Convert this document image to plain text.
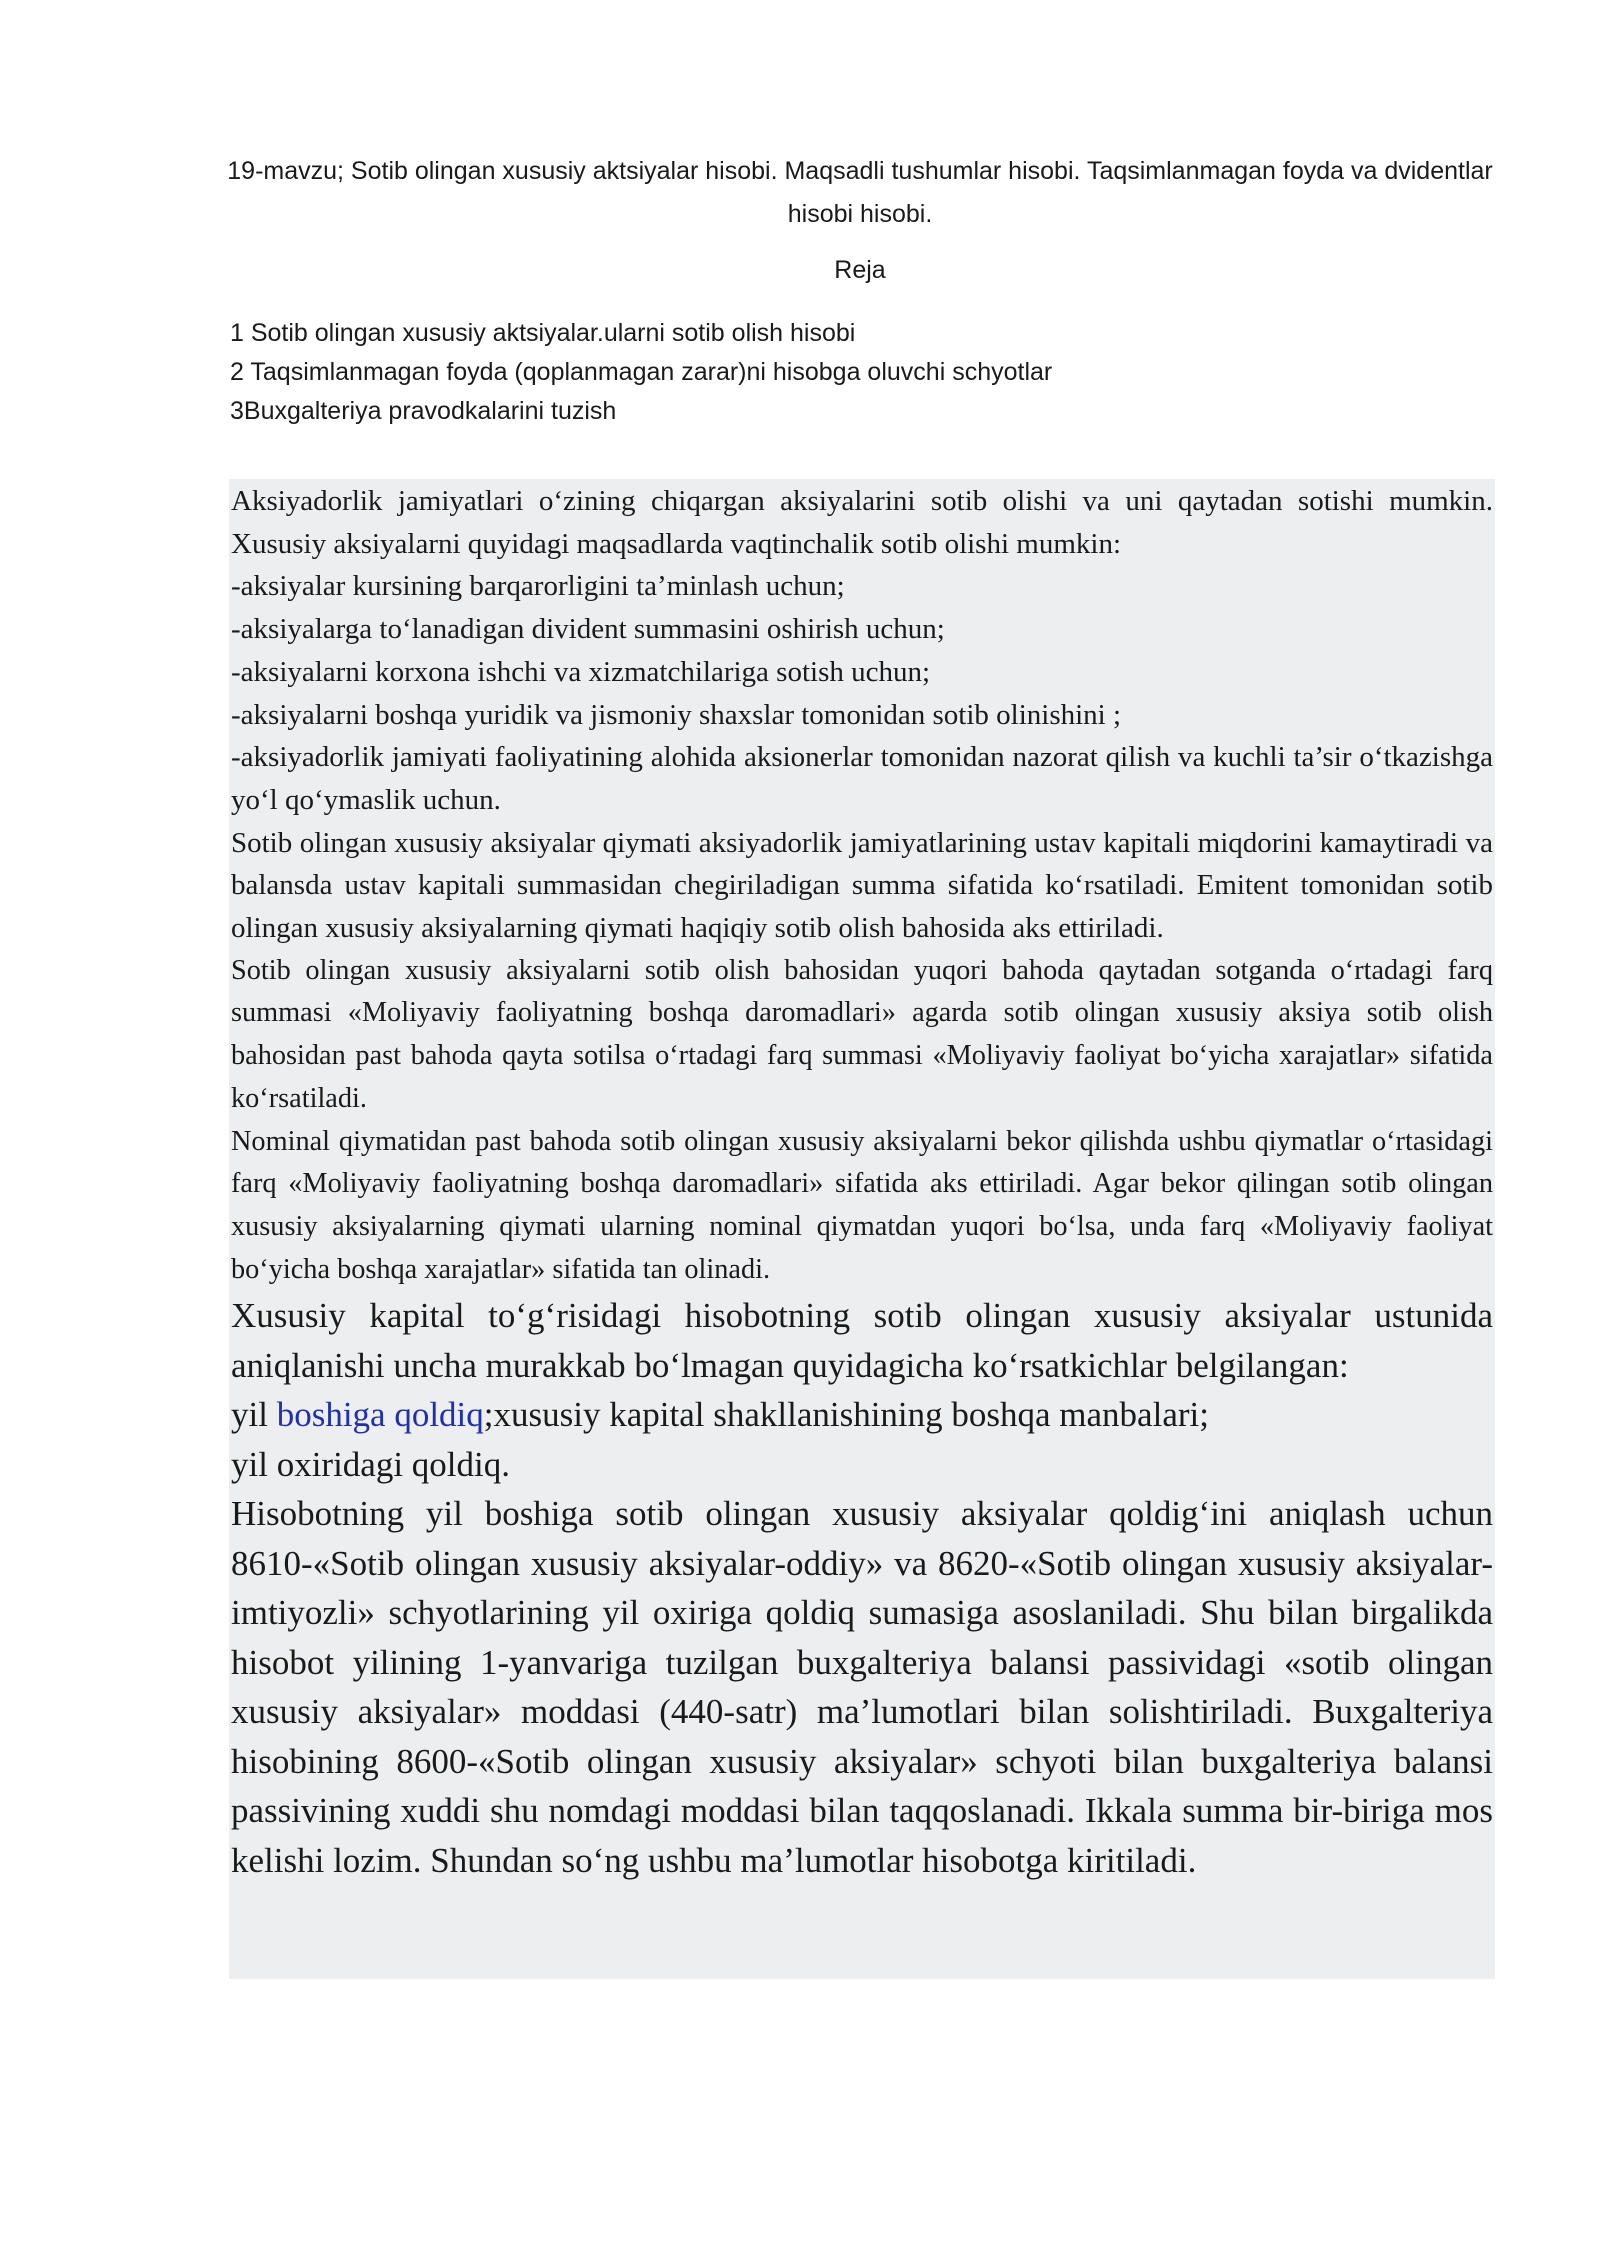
19-mavzu; Sotib olingan xususiy aktsiyalar hisobi. Maqsadli tushumlar hisobi. Taqsimlanmagan foyda va dvidentlar hisobi hisobi.
Reja
1 Sotib olingan xususiy aktsiyalar.ularni sotib olish hisobi
2 Taqsimlanmagan foyda (qoplanmagan zarar)ni hisobga oluvchi schyotlar
3Buxgalteriya pravodkalarini tuzish

Aksiyadorlik jamiyatlari o‘zining chiqargan aksiyalarini sotib olishi va uni qaytadan sotishi mumkin. Xususiy aksiyalarni quyidagi maqsadlarda vaqtinchalik sotib olishi mumkin:

-aksiyalar kursining barqarorligini ta’minlash uchun;

-aksiyalarga to‘lanadigan divident summasini oshirish uchun;

-aksiyalarni korxona ishchi va xizmatchilariga sotish uchun;

-aksiyalarni boshqa yuridik va jismoniy shaxslar tomonidan sotib olinishini ;

-aksiyadorlik jamiyati faoliyatining alohida aksionerlar tomonidan nazorat qilish va kuchli ta’sir o‘tkazishga yo‘l qo‘ymaslik uchun.

Sotib olingan xususiy aksiyalar qiymati aksiyadorlik jamiyatlarining ustav kapitali miqdorini kamaytiradi va balansda ustav kapitali summasidan chegiriladigan summa sifatida ko‘rsatiladi. Emitent tomonidan sotib olingan xususiy aksiyalarning qiymati haqiqiy sotib olish bahosida aks ettiriladi.

Sotib olingan xususiy aksiyalarni sotib olish bahosidan yuqori bahoda qaytadan sotganda o‘rtadagi farq summasi «Moliyaviy faoliyatning boshqa daromadlari» agarda sotib olingan xususiy aksiya sotib olish bahosidan past bahoda qayta sotilsa o‘rtadagi farq summasi «Moliyaviy faoliyat bo‘yicha xarajatlar» sifatida ko‘rsatiladi.

Nominal qiymatidan past bahoda sotib olingan xususiy aksiyalarni bekor qilishda ushbu qiymatlar o‘rtasidagi farq «Moliyaviy faoliyatning boshqa daromadlari» sifatida aks ettiriladi. Agar bekor qilingan sotib olingan xususiy aksiyalarning qiymati ularning nominal qiymatdan yuqori bo‘lsa, unda farq «Moliyaviy faoliyat bo‘yicha boshqa xarajatlar» sifatida tan olinadi.

Xususiy kapital to‘g‘risidagi hisobotning sotib olingan xususiy aksiyalar ustunida aniqlanishi uncha murakkab bo‘lmagan quyidagicha ko‘rsatkichlar belgilangan:

yil boshiga qoldiq;xususiy kapital shakllanishining boshqa manbalari;

yil oxiridagi qoldiq.

Hisobotning yil boshiga sotib olingan xususiy aksiyalar qoldig‘ini aniqlash uchun 8610-«Sotib olingan xususiy aksiyalar-oddiy» va 8620-«Sotib olingan xususiy aksiyalar-imtiyozli» schyotlarining yil oxiriga qoldiq sumasiga asoslaniladi. Shu bilan birgalikda hisobot yilining 1-yanvariga tuzilgan buxgalteriya balansi passividagi «sotib olingan xususiy aksiyalar» moddasi (440-satr) ma’lumotlari bilan solishtiriladi. Buxgalteriya hisobining 8600-«Sotib olingan xususiy aksiyalar» schyoti bilan buxgalteriya balansi passivining xuddi shu nomdagi moddasi bilan taqqoslanadi. Ikkala summa bir-biriga mos kelishi lozim. Shundan so‘ng ushbu ma’lumotlar hisobotga kiritiladi.
